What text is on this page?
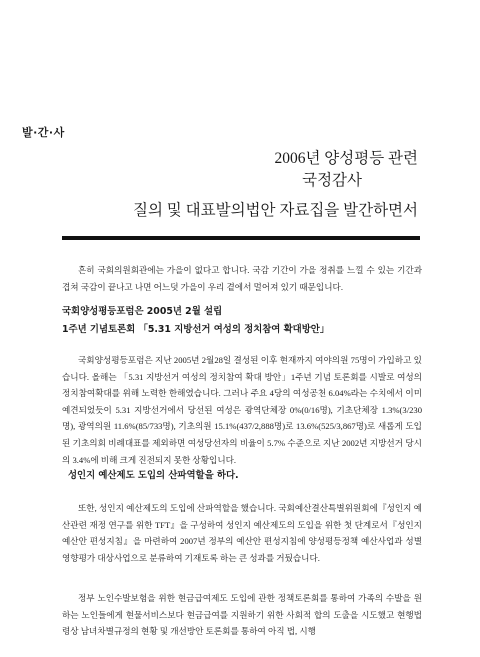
발·간·사
2006년 양성평등 관련
국정감사
질의 및 대표발의법안 자료집을 발간하면서

흔히 국회의원회관에는 가을이 없다고 합니다. 국감 기간이 가을 정취를 느낄 수 있는 기간과 겹쳐 국감이 끝나고 나면 어느덧 가을이 우리 곁에서 멀어져 있기 때문입니다.

국회양성평등포럼은 2005년 2월 설립
1주년 기념토론회 「5.31 지방선거 여성의 정치참여 확대방안」

국회양성평등포럼은 지난 2005년 2월28일 결성된 이후 현재까지 여야의원 75명이 가입하고 있습니다. 올해는 「5.31 지방선거 여성의 정치참여 확대 방안」1주년 기념 토론회를 시발로 여성의 정치참여확대를 위해 노력한 한해였습니다. 그러나 주요 4당의 여성공천 6.04%라는 수치에서 이미 예견되었듯이 5.31 지방선거에서 당선된 여성은 광역단체장 0%(0/16명), 기초단체장 1.3%(3/230명), 광역의원 11.6%(85/733명), 기초의원 15.1%(437/2,888명)로 13.6%(525/3,867명)로 새롭게 도입된 기초의회 비례대표를 제외하면 여성당선자의 비율이 5.7% 수준으로 지난 2002년 지방선거 당시의 3.4%에 비해 크게 진전되지 못한 상황입니다.

성인지 예산제도 도입의 산파역할을 하다.

또한, 성인지 예산제도의 도입에 산파역할을 했습니다. 국회예산결산특별위원회에『성인지 예산관련 재정 연구를 위한 TFT』을 구성하여 성인지 예산제도의 도입을 위한 첫 단계로서『성인지 예산안 편성지침』을 마련하여 2007년 정부의 예산안 편성지침에 양성평등정책 예산사업과 성별영향평가 대상사업으로 분류하여 기재토록 하는 큰 성과를 거뒀습니다.

정부 노인수발보험을 위한 현금급여제도 도입에 관한 정책토론회를 통하여 가족의 수발을 원하는 노인들에게 현물서비스보다 현금급여를 지원하기 위한 사회적 합의 도출을 시도했고 현행법령상 남녀차별규정의 현황 및 개선방안 토론회를 통하여 아직 법, 시행
